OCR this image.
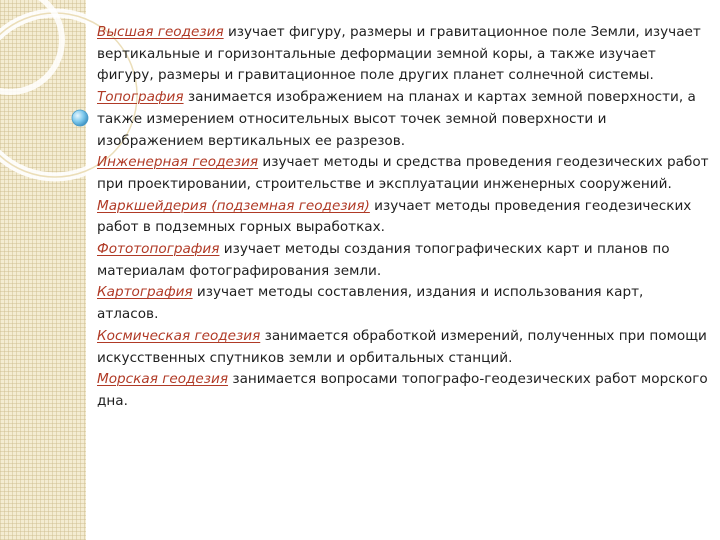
Высшая геодезия изучает фигуру, размеры и гравитационное поле Земли, изучает вертикальные и горизонтальные деформации земной коры, а также изучает фигуру, размеры и гравитационное поле других планет солнечной системы.

Топография занимается изображением на планах и картах земной поверхности, а также измерением относительных высот точек земной поверхности и изображением вертикальных ее разрезов.

Инженерная геодезия изучает методы и средства проведения геодезических работ при проектировании, строительстве и эксплуатации инженерных сооружений.

Маркшейдерия (подземная геодезия) изучает методы проведения геодезических работ в подземных горных выработках.

Фототопография изучает методы создания топографических карт и планов по материалам фотографирования земли.

Картография изучает методы составления, издания и использования карт, атласов.

Космическая геодезия занимается обработкой измерений, полученных при помощи искусственных спутников земли и орбитальных станций.

Морская геодезия занимается вопросами топографо-геодезических работ морского дна.
